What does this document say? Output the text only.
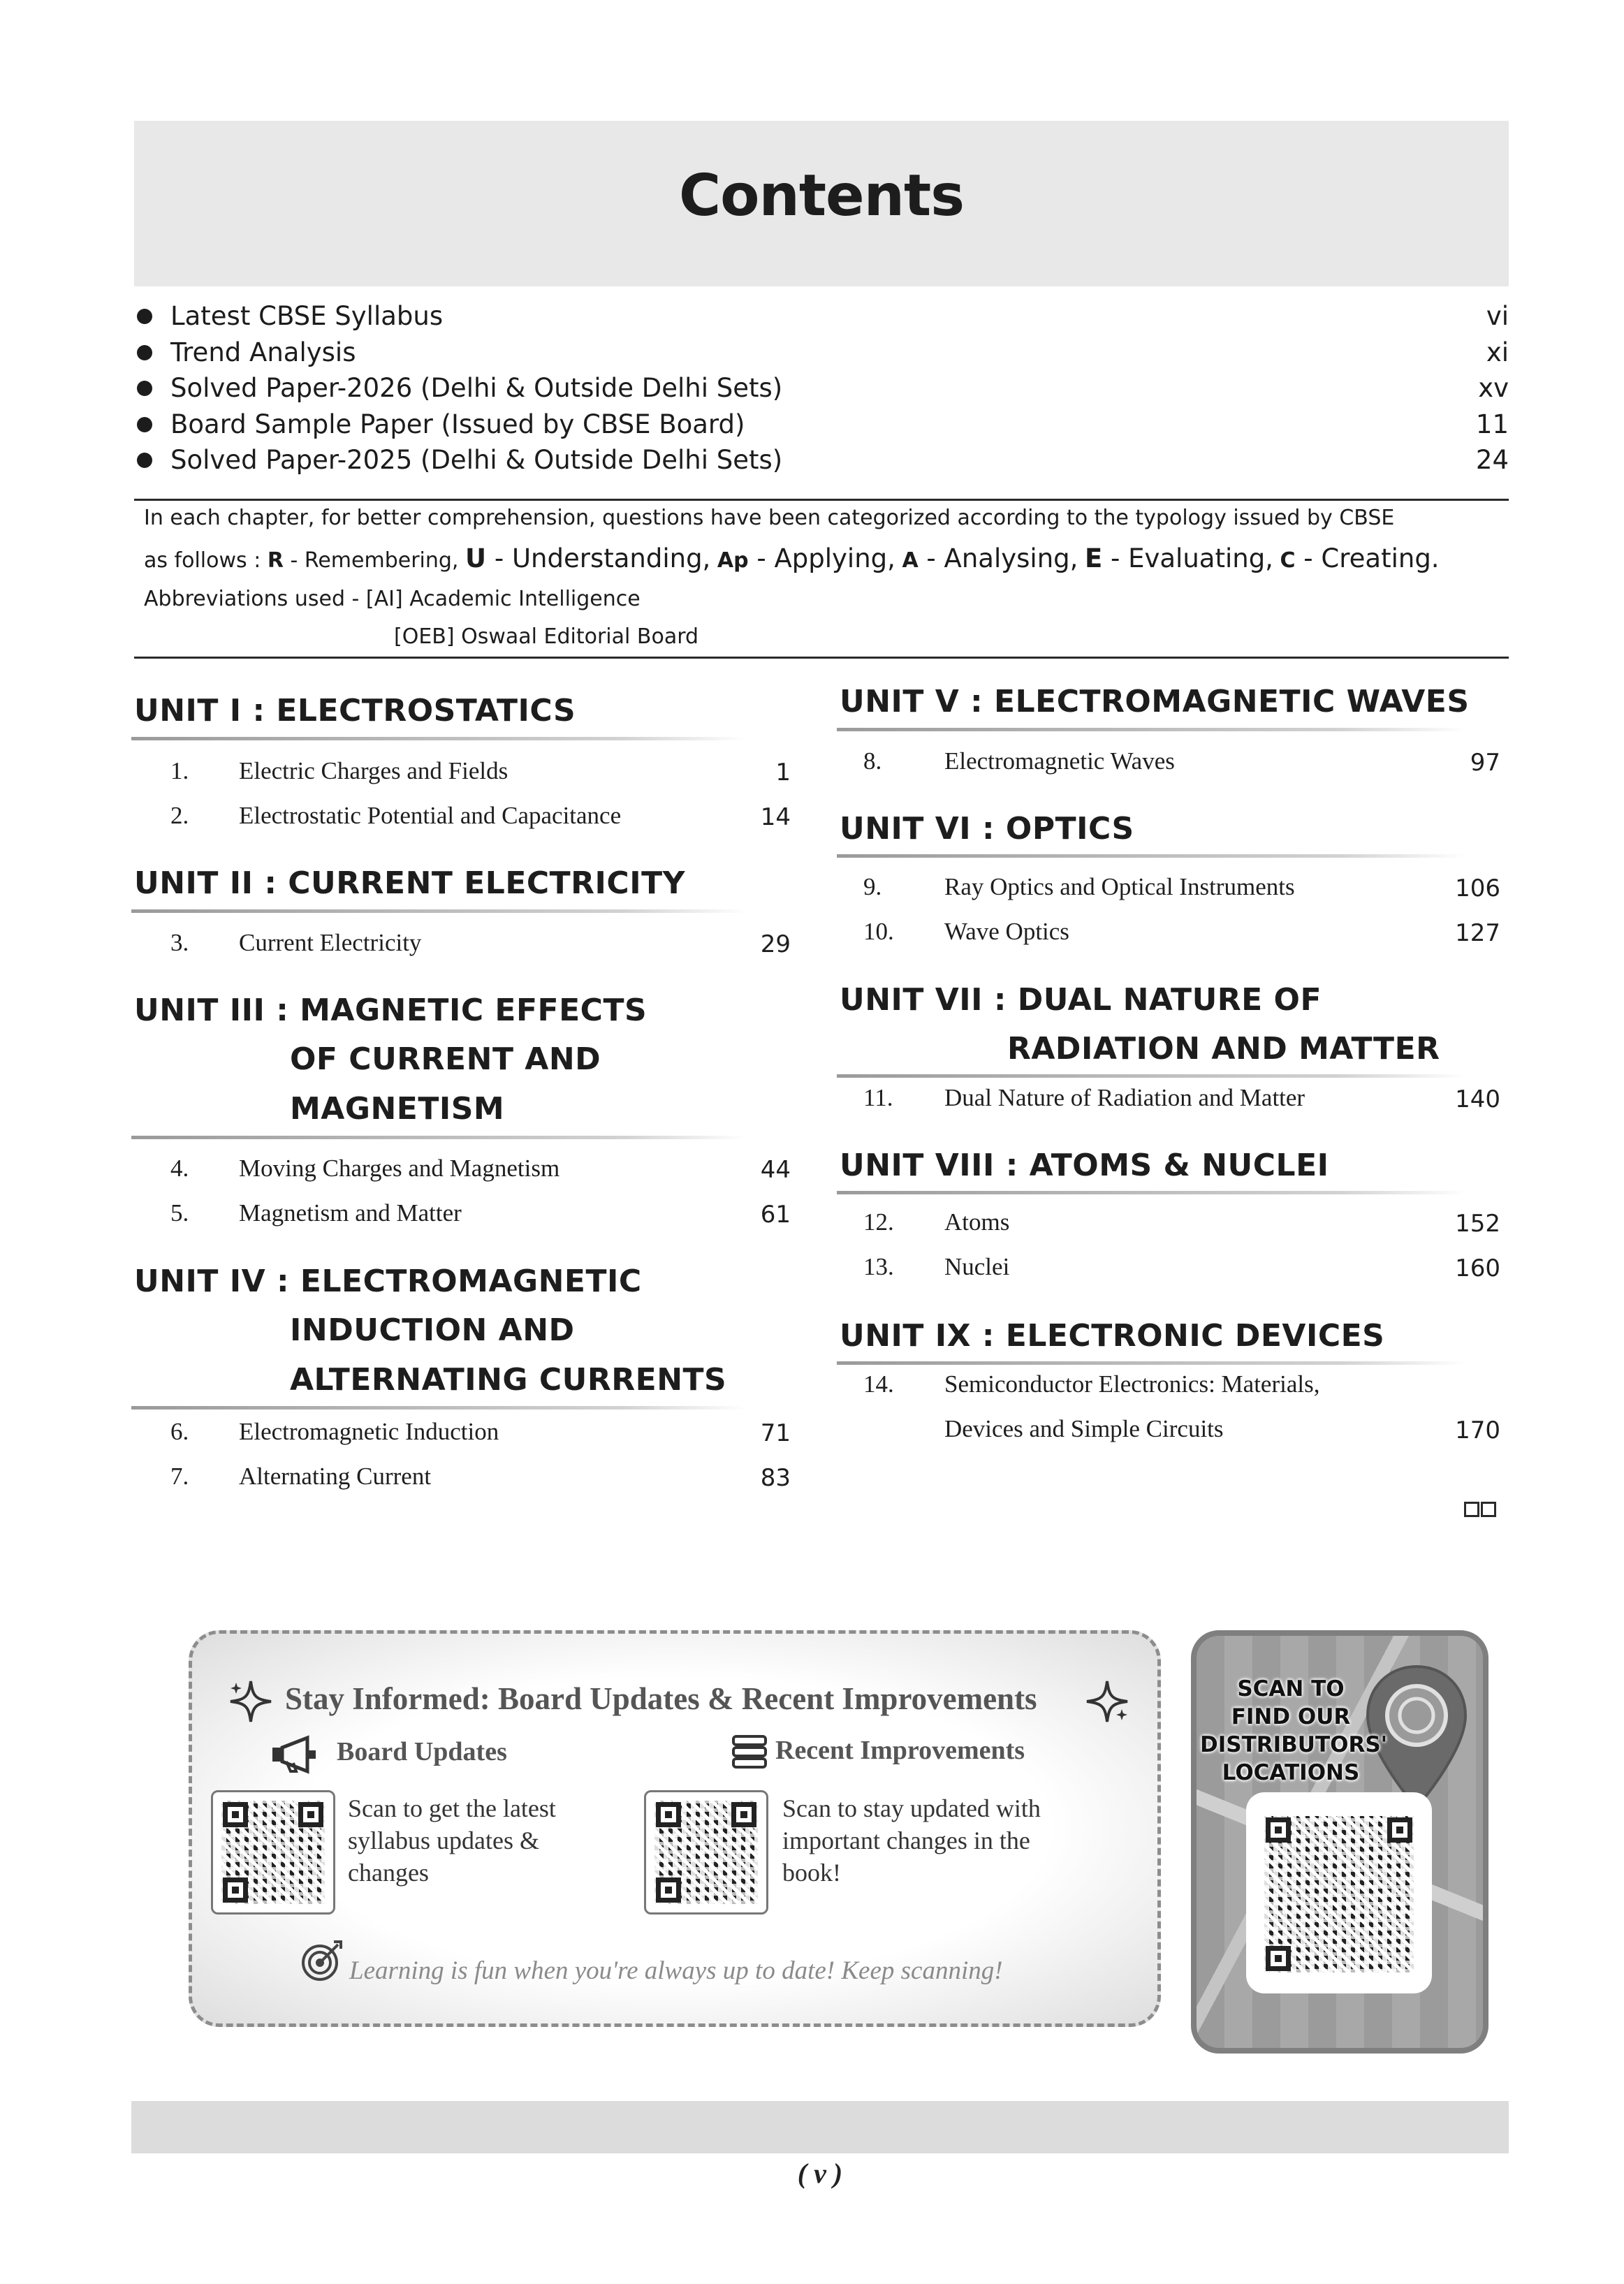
Contents
Latest CBSE Syllabus	vi
Trend Analysis	xi
Solved Paper-2026 (Delhi & Outside Delhi Sets)	xv
Board Sample Paper (Issued by CBSE Board)	11
Solved Paper-2025 (Delhi & Outside Delhi Sets)	24
In each chapter, for better comprehension, questions have been categorized according to the typology issued by CBSE
as follows : R - Remembering, U - Understanding, Ap - Applying, A - Analysing, E - Evaluating, C - Creating.
Abbreviations used - [AI] Academic Intelligence
[OEB] Oswaal Editorial Board
UNIT I : ELECTROSTATICS
1. Electric Charges and Fields	1
2. Electrostatic Potential and Capacitance	14
UNIT II : CURRENT ELECTRICITY
3. Current Electricity	29
UNIT III : MAGNETIC EFFECTS
OF CURRENT AND
MAGNETISM
4. Moving Charges and Magnetism	44
5. Magnetism and Matter	61
UNIT IV : ELECTROMAGNETIC
INDUCTION AND
ALTERNATING CURRENTS
6. Electromagnetic Induction	71
7. Alternating Current	83
UNIT V : ELECTROMAGNETIC WAVES
8.	Electromagnetic Waves	97
UNIT VI : OPTICS
9.	Ray Optics and Optical Instruments	106
10. Wave Optics	127
UNIT VII : DUAL NATURE OF
RADIATION AND MATTER
11. Dual Nature of Radiation and Matter	140
UNIT VIII : ATOMS & NUCLEI
12. Atoms	152
13. Nuclei	160
UNIT IX : ELECTRONIC DEVICES
14. Semiconductor Electronics: Materials,
Devices and Simple Circuits	170
Stay Informed: Board Updates & Recent Improvements
Board Updates	Recent Improvements
Scan to get the latest
syllabus updates &
changes
Scan to stay updated with
important changes in the
book!
Learning is fun when you're always up to date! Keep scanning!
SCAN TO
FIND OUR
DISTRIBUTORS'
LOCATIONS
( v )
